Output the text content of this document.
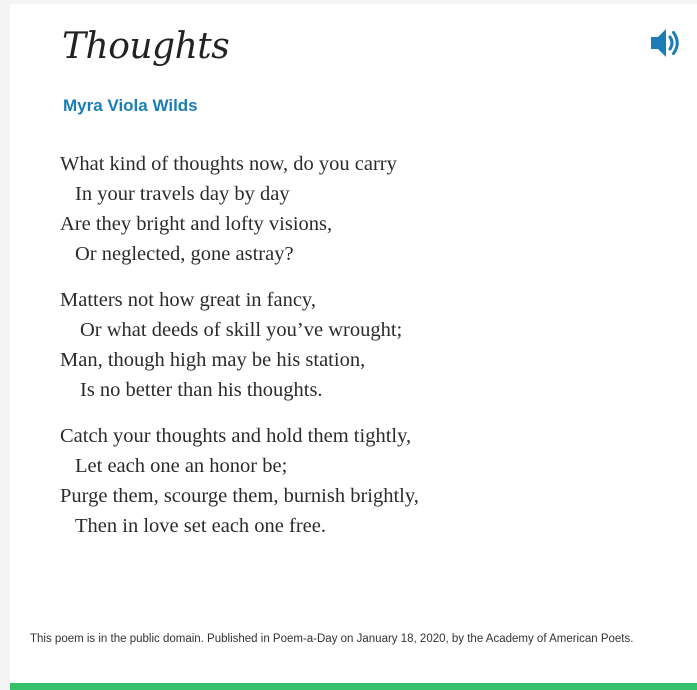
Thoughts
Myra Viola Wilds
What kind of thoughts now, do you carry
In your travels day by day
Are they bright and lofty visions,
Or neglected, gone astray?
Matters not how great in fancy,
Or what deeds of skill you’ve wrought;
Man, though high may be his station,
Is no better than his thoughts.
Catch your thoughts and hold them tightly,
Let each one an honor be;
Purge them, scourge them, burnish brightly,
Then in love set each one free.
This poem is in the public domain. Published in Poem-a-Day on January 18, 2020, by the Academy of American Poets.
